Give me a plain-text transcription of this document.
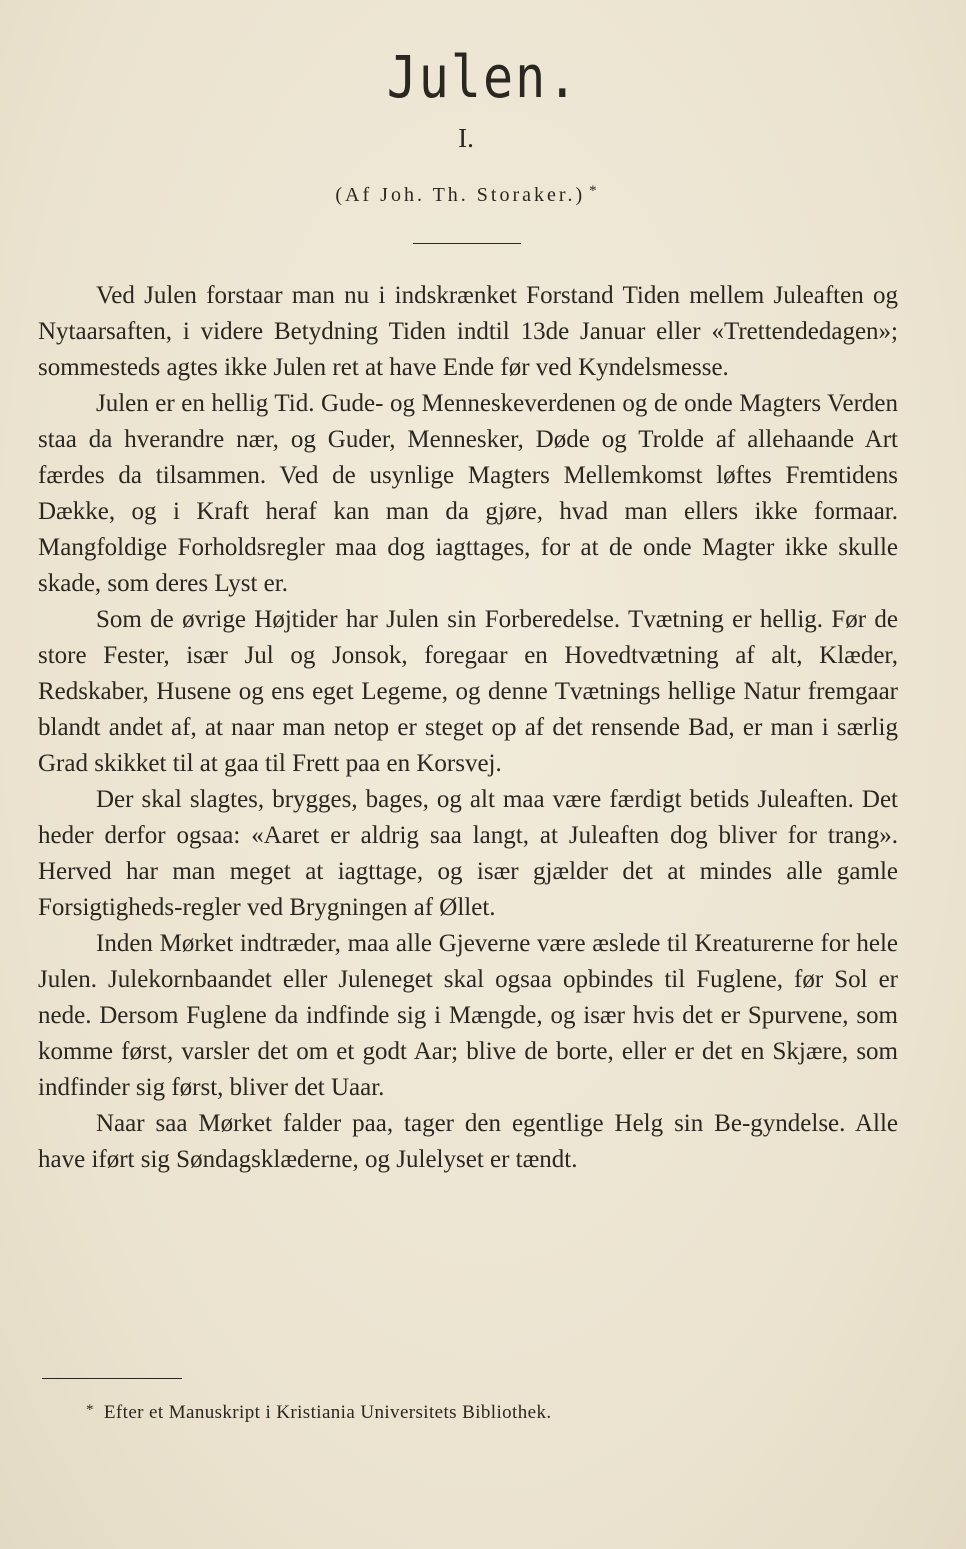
Julen.
I.
(Af Joh. Th. Storaker.) *

Ved Julen forstaar man nu i indskrænket Forstand Tiden mellem Juleaften og Nytaarsaften, i videre Betydning Tiden indtil 13de Januar eller «Trettendedagen»; sommesteds agtes ikke Julen ret at have Ende før ved Kyndelsmesse.

Julen er en hellig Tid. Gude- og Menneskeverdenen og de onde Magters Verden staa da hverandre nær, og Guder, Mennesker, Døde og Trolde af allehaande Art færdes da tilsammen. Ved de usynlige Magters Mellemkomst løftes Fremtidens Dække, og i Kraft heraf kan man da gjøre, hvad man ellers ikke formaar. Mangfoldige Forholdsregler maa dog iagttages, for at de onde Magter ikke skulle skade, som deres Lyst er.

Som de øvrige Højtider har Julen sin Forberedelse. Tvætning er hellig. Før de store Fester, især Jul og Jonsok, foregaar en Hovedtvætning af alt, Klæder, Redskaber, Husene og ens eget Legeme, og denne Tvætnings hellige Natur fremgaar blandt andet af, at naar man netop er steget op af det rensende Bad, er man i særlig Grad skikket til at gaa til Frett paa en Korsvej.

Der skal slagtes, brygges, bages, og alt maa være færdigt betids Juleaften. Det heder derfor ogsaa: «Aaret er aldrig saa langt, at Juleaften dog bliver for trang». Herved har man meget at iagttage, og især gjælder det at mindes alle gamle Forsigtigheds-regler ved Brygningen af Øllet.

Inden Mørket indtræder, maa alle Gjeverne være æslede til Kreaturerne for hele Julen. Julekornbaandet eller Juleneget skal ogsaa opbindes til Fuglene, før Sol er nede. Dersom Fuglene da indfinde sig i Mængde, og især hvis det er Spurvene, som komme først, varsler det om et godt Aar; blive de borte, eller er det en Skjære, som indfinder sig først, bliver det Uaar.

Naar saa Mørket falder paa, tager den egentlige Helg sin Be-gyndelse. Alle have iført sig Søndagsklæderne, og Julelyset er tændt.

* Efter et Manuskript i Kristiania Universitets Bibliothek.
